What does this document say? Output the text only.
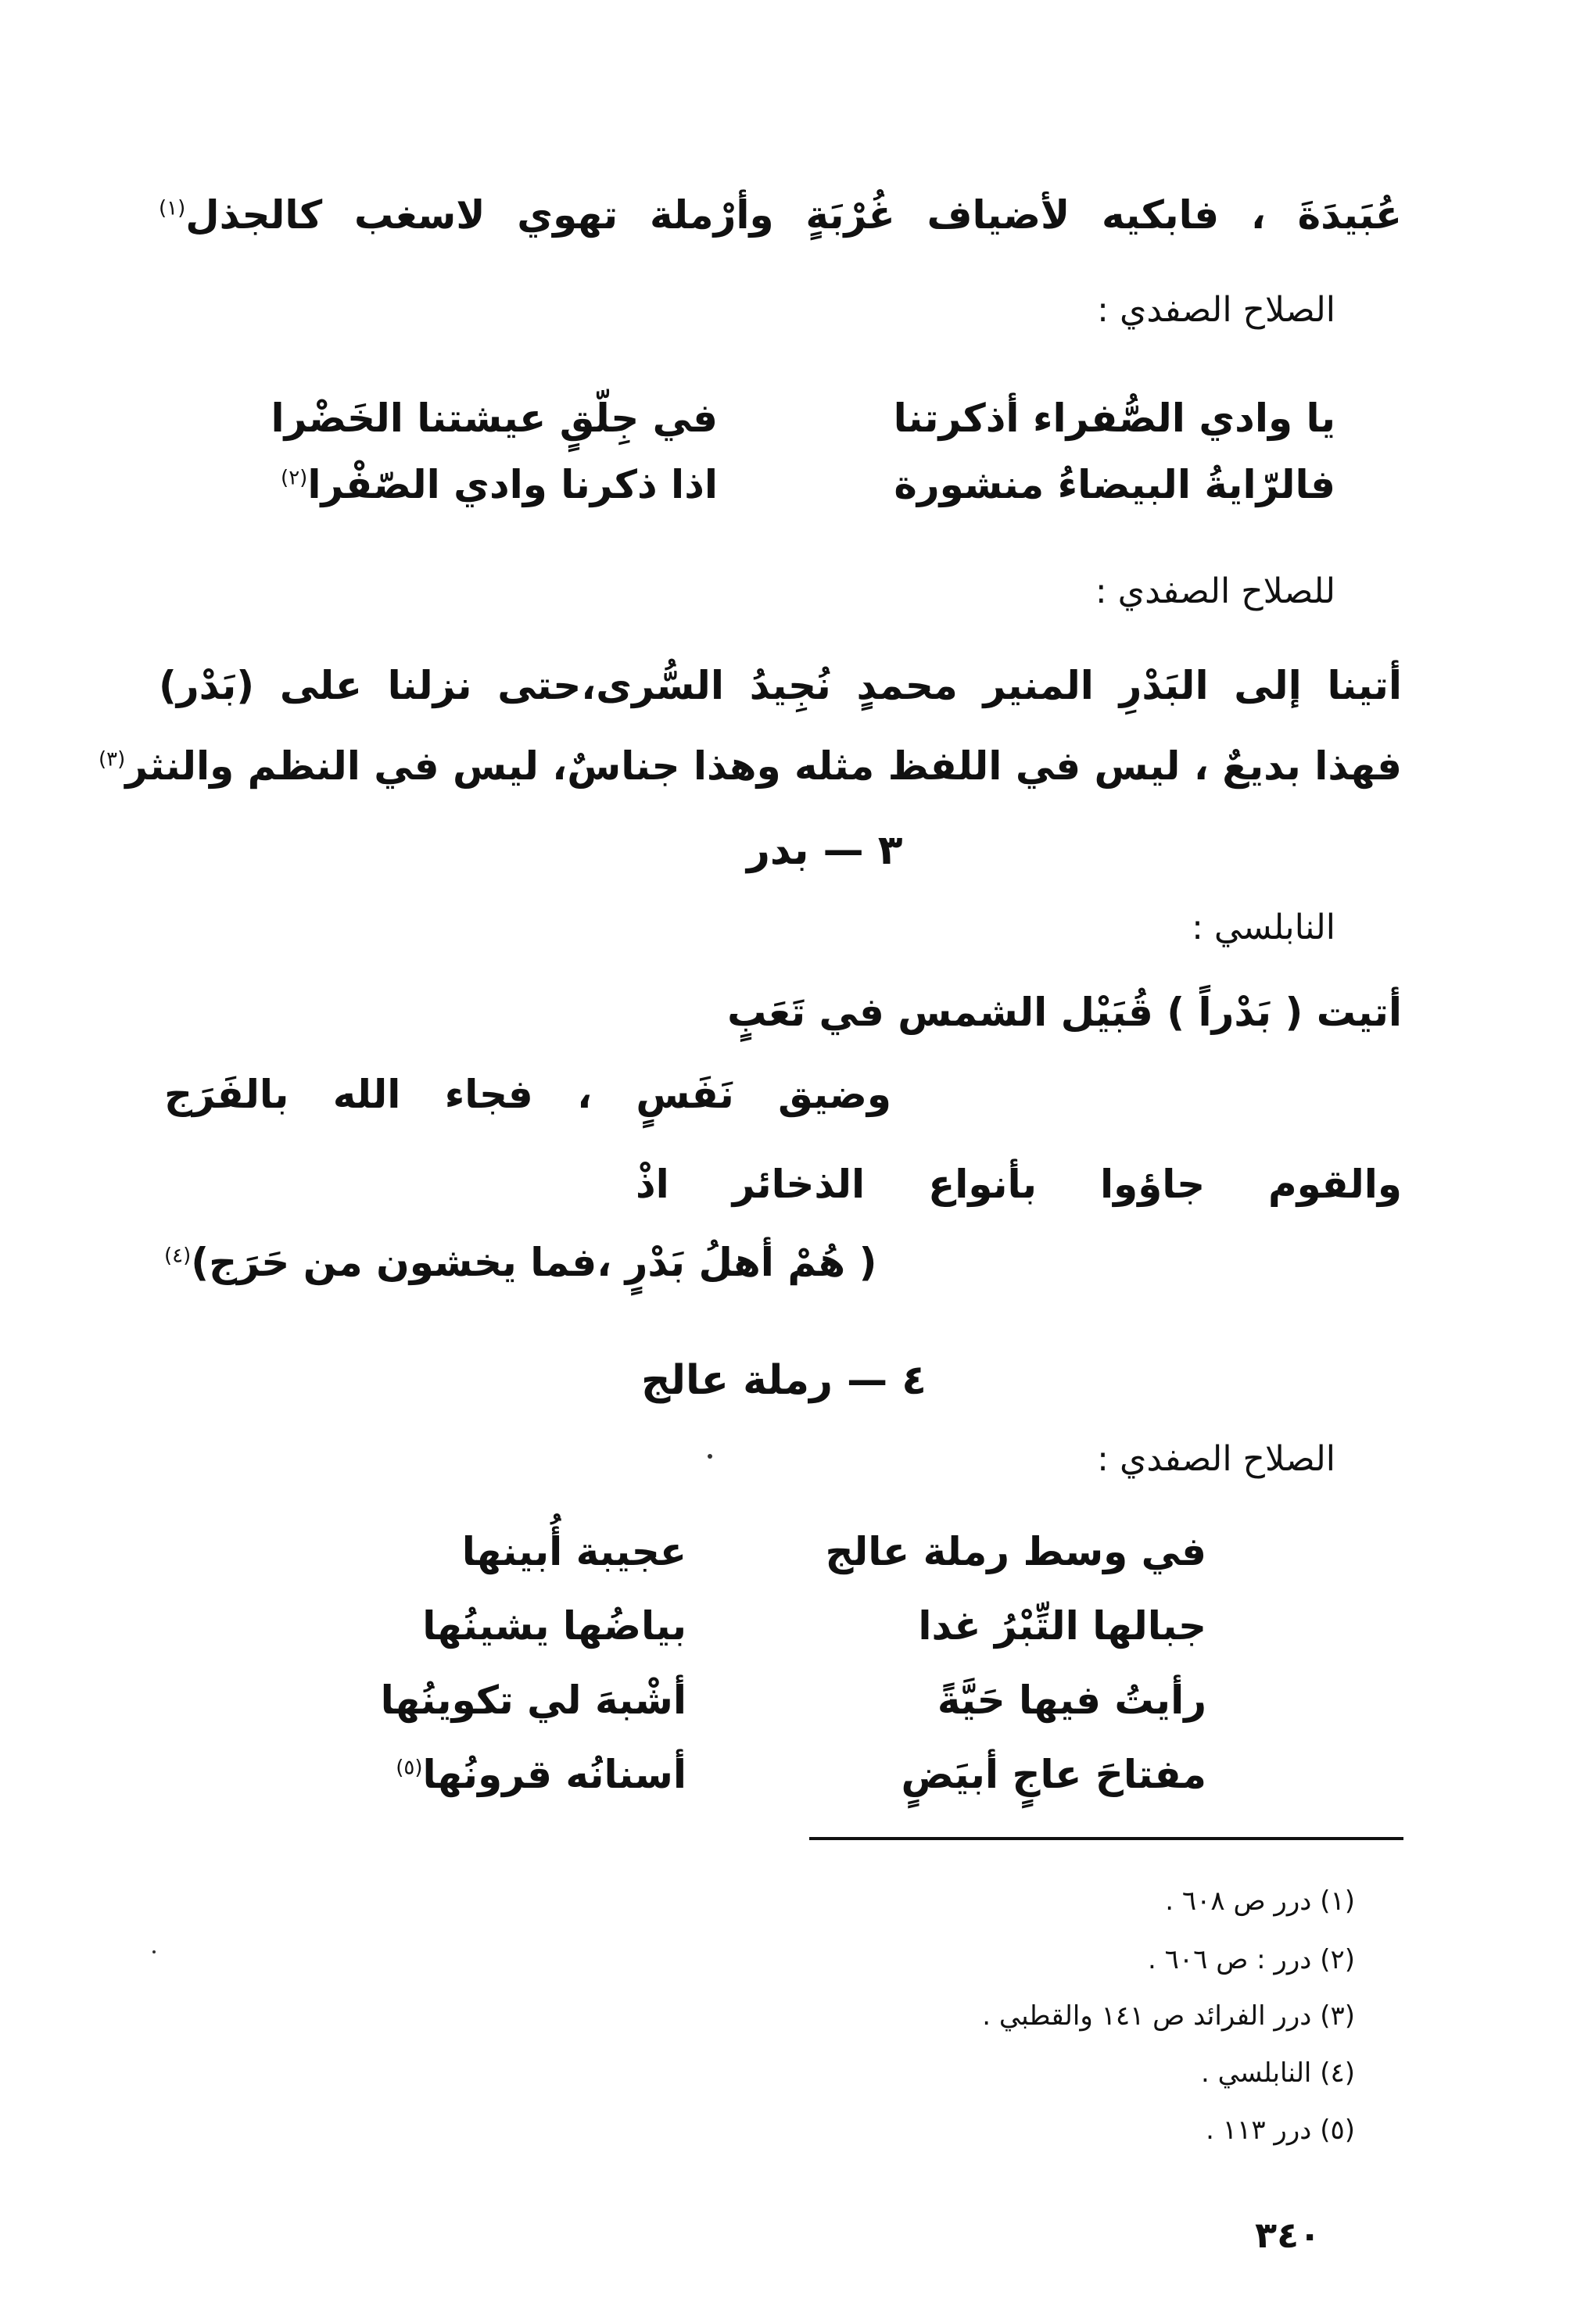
عُبَيدَةَ ، فابكيه لأضياف غُرْبَةٍ وأرْملة تهوي لاسغب كالجذل$^{(١)}$
الصلاح الصفدي :
يا وادي الصُّفراء أذكرتنا
في جِلّقٍ عيشتنا الخَضْرا
فالرّايةُ البيضاءُ منشورة
اذا ذكرنا وادي الصّفْرا$^{(٢)}$
للصلاح الصفدي :
أتينا إلى البَدْرِ المنير محمدٍ نُجِيدُ السُّرى،حتى نزلنا على (بَدْر)
فهذا بديعٌ ، ليس في اللفظ مثله وهذا جناسٌ، ليس في النظم والنثر$^{(٣)}$
٣ — بدر
النابلسي :
أتيت ( بَدْراً ) قُبَيْل الشمس في تَعَبٍ
وضيق نَفَسٍ ، فجاء الله بالفَرَج
والقوم جاؤوا بأنواع الذخائر اذْ
( هُمْ أهلُ بَدْرٍ ،فما يخشون من حَرَج)$^{(٤)}$
٤ — رملة عالج
الصلاح الصفدي :
في وسط رملة عالج
عجيبة أُبينها
جبالها التِّبْرُ غدا
بياضُها يشينُها
رأيتُ فيها حَيَّةً
أشْبهَ لي تكوينُها
مفتاحَ عاجٍ أبيَضٍ
أسنانُه قرونُها$^{(٥)}$
(١) درر ص ٦٠٨ .
(٢) درر : ص ٦٠٦ .
(٣) درر الفرائد ص ١٤١ والقطبي .
(٤) النابلسي .
(٥) درر ١١٣ .
٣٤٠
